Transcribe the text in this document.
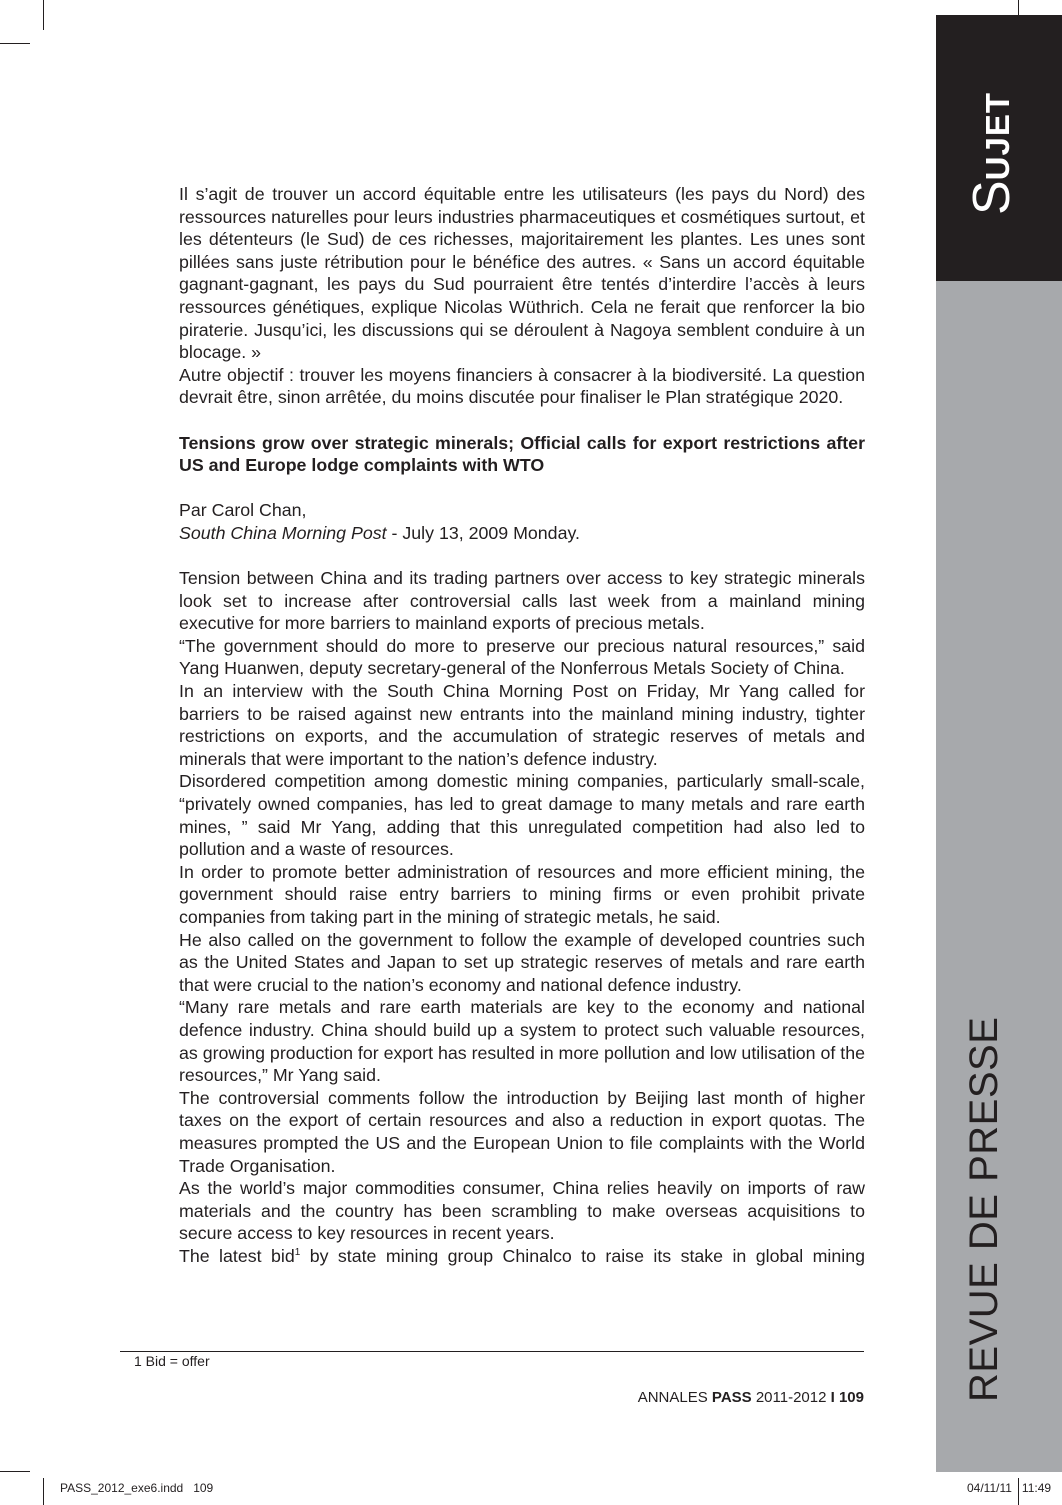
SUJET
REVUE DE PRESSE

Il s’agit de trouver un accord équitable entre les utilisateurs (les pays du Nord) des ressources naturelles pour leurs industries pharmaceutiques et cosmétiques surtout, et les détenteurs (le Sud) de ces richesses, majoritairement les plantes. Les unes sont pillées sans juste rétribution pour le bénéfice des autres. « Sans un accord équitable gagnant-gagnant, les pays du Sud pourraient être tentés d’interdire l’accès à leurs ressources génétiques, explique Nicolas Wüthrich. Cela ne ferait que renforcer la bio piraterie. Jusqu’ici, les discussions qui se déroulent à Nagoya semblent conduire à un blocage. »

Autre objectif : trouver les moyens financiers à consacrer à la biodiversité. La question devrait être, sinon arrêtée, du moins discutée pour finaliser le Plan stratégique 2020.

Tensions grow over strategic minerals; Official calls for export restrictions after US and Europe lodge complaints with WTO

Par Carol Chan,

South China Morning Post - July 13, 2009 Monday.

Tension between China and its trading partners over access to key strategic minerals look set to increase after controversial calls last week from a mainland mining executive for more barriers to mainland exports of precious metals.

“The government should do more to preserve our precious natural resources,” said Yang Huanwen, deputy secretary-general of the Nonferrous Metals Society of China.

In an interview with the South China Morning Post on Friday, Mr Yang called for barriers to be raised against new entrants into the mainland mining industry, tighter restrictions on exports, and the accumulation of strategic reserves of metals and minerals that were important to the nation’s defence industry.

Disordered competition among domestic mining companies, particularly small-scale, “privately owned companies, has led to great damage to many metals and rare earth mines, ” said Mr Yang, adding that this unregulated competition had also led to pollution and a waste of resources.

In order to promote better administration of resources and more efficient mining, the government should raise entry barriers to mining firms or even prohibit private companies from taking part in the mining of strategic metals, he said.

He also called on the government to follow the example of developed countries such as the United States and Japan to set up strategic reserves of metals and rare earth that were crucial to the nation’s economy and national defence industry.

“Many rare metals and rare earth materials are key to the economy and national defence industry. China should build up a system to protect such valuable resources, as growing production for export has resulted in more pollution and low utilisation of the resources,” Mr Yang said.

The controversial comments follow the introduction by Beijing last month of higher taxes on the export of certain resources and also a reduction in export quotas. The measures prompted the US and the European Union to file complaints with the World Trade Organisation.

As the world’s major commodities consumer, China relies heavily on imports of raw materials and the country has been scrambling to make overseas acquisitions to secure access to key resources in recent years.

The latest bid$^1$ by state mining group Chinalco to raise its stake in global mining

1 Bid = offer
ANNALES PASS 2011-2012 I 109
PASS_2012_exe6.indd   109	04/11/11   11:49
